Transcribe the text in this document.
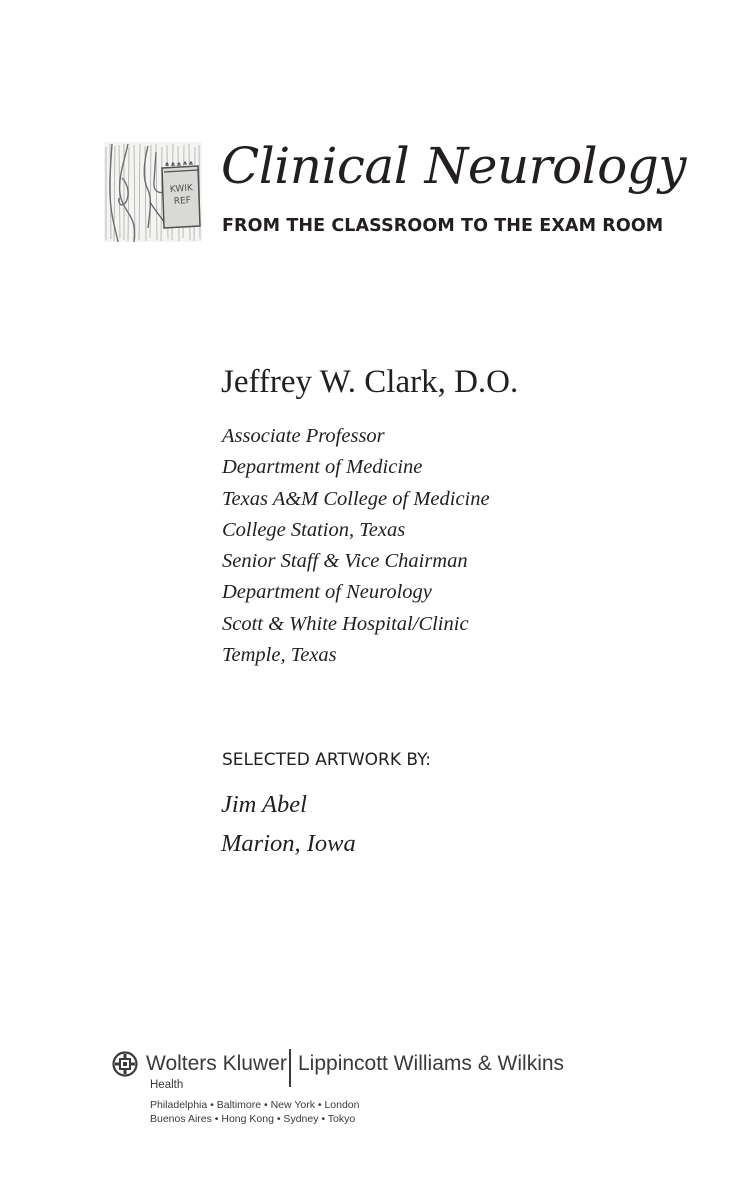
KWIK
REF
Clinical Neurology
FROM THE CLASSROOM TO THE EXAM ROOM
Jeffrey W. Clark, D.O.
Associate Professor
Department of Medicine
Texas A&M College of Medicine
College Station, Texas
Senior Staff & Vice Chairman
Department of Neurology
Scott & White Hospital/Clinic
Temple, Texas
SELECTED ARTWORK BY:
Jim Abel
Marion, Iowa
Wolters Kluwer Lippincott Williams & Wilkins
Health
Philadelphia • Baltimore • New York • London
Buenos Aires • Hong Kong • Sydney • Tokyo
